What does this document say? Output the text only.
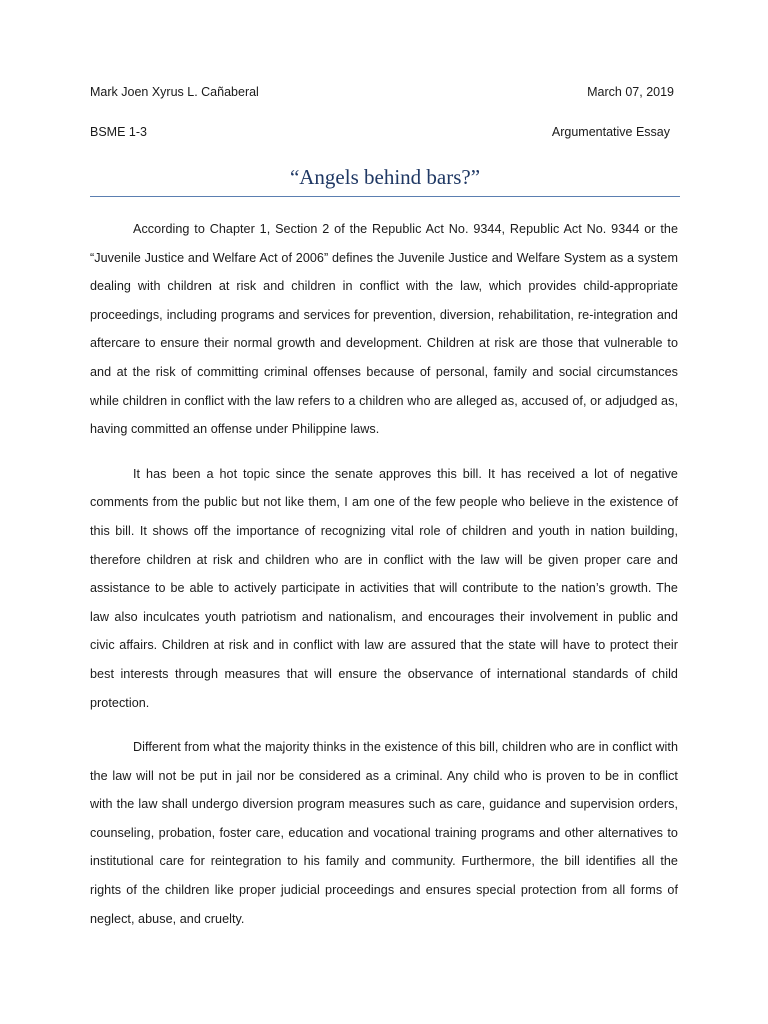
Mark Joen Xyrus L. Cañaberal	March 07, 2019
BSME 1-3	Argumentative Essay
“Angels behind bars?”

According to Chapter 1, Section 2 of the Republic Act No. 9344, Republic Act No. 9344 or the “Juvenile Justice and Welfare Act of 2006” defines the Juvenile Justice and Welfare System as a system dealing with children at risk and children in conflict with the law, which provides child-appropriate proceedings, including programs and services for prevention, diversion, rehabilitation, re-integration and aftercare to ensure their normal growth and development. Children at risk are those that vulnerable to and at the risk of committing criminal offenses because of personal, family and social circumstances while children in conflict with the law refers to a children who are alleged as, accused of, or adjudged as, having committed an offense under Philippine laws.

It has been a hot topic since the senate approves this bill. It has received a lot of negative comments from the public but not like them, I am one of the few people who believe in the existence of this bill. It shows off the importance of recognizing vital role of children and youth in nation building, therefore children at risk and children who are in conflict with the law will be given proper care and assistance to be able to actively participate in activities that will contribute to the nation’s growth. The law also inculcates youth patriotism and nationalism, and encourages their involvement in public and civic affairs. Children at risk and in conflict with law are assured that the state will have to protect their best interests through measures that will ensure the observance of international standards of child protection.

Different from what the majority thinks in the existence of this bill, children who are in conflict with the law will not be put in jail nor be considered as a criminal. Any child who is proven to be in conflict with the law shall undergo diversion program measures such as care, guidance and supervision orders, counseling, probation, foster care, education and vocational training programs and other alternatives to institutional care for reintegration to his family and community. Furthermore, the bill identifies all the rights of the children like proper judicial proceedings and ensures special protection from all forms of neglect, abuse, and cruelty.
